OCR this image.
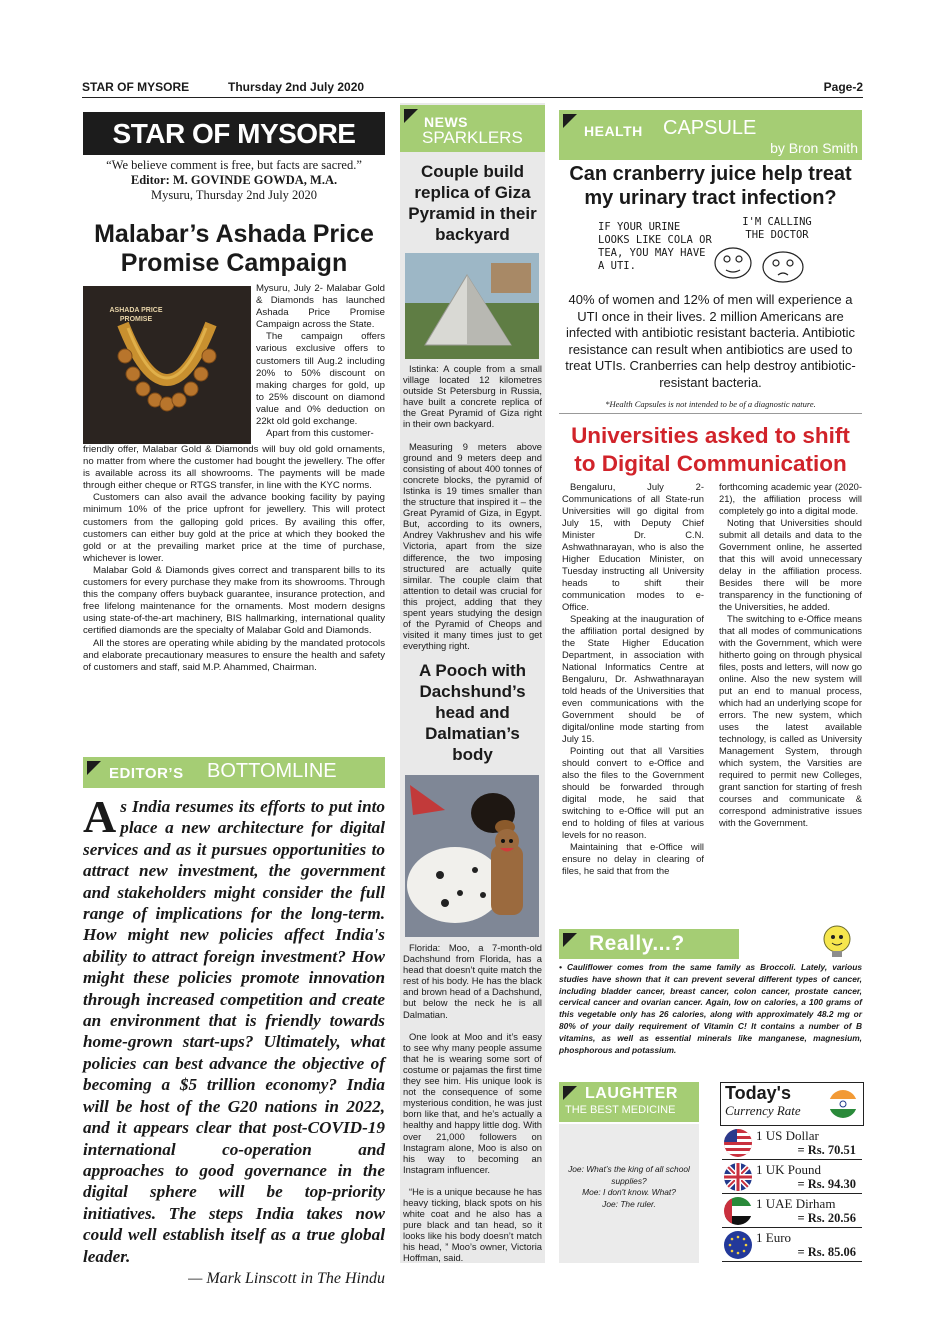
STAR OF MYSORE	Thursday 2nd July 2020	Page-2
STAR OF MYSORE
“We believe comment is free, but facts are sacred.”
Editor: M. GOVINDE GOWDA, M.A.
Mysuru, Thursday 2nd July 2020
Malabar’s Ashada Price Promise Campaign
ASHADA PRICE PROMISE

Mysuru, July 2- Malabar Gold & Diamonds has launched Ashada Price Promise Campaign across the State.

The campaign offers various exclusive offers to customers till Aug.2 including 20% to 50% discount on making charges for gold, up to 25% discount on diamond value and 0% deduction on 22kt old gold exchange.

Apart from this customer-

friendly offer, Malabar Gold & Diamonds will buy old gold ornaments, no matter from where the customer had bought the jewellery. The offer is available across its all showrooms. The payments will be made through either cheque or RTGS transfer, in line with the KYC norms.

Customers can also avail the advance booking facility by paying minimum 10% of the price upfront for jewellery. This will protect customers from the galloping gold prices. By availing this offer, customers can either buy gold at the price at which they booked the gold or at the prevailing market price at the time of purchase, whichever is lower.

Malabar Gold & Diamonds gives correct and transparent bills to its customers for every purchase they make from its showrooms. Through this the company offers buyback guarantee, insurance protection, and free lifelong maintenance for the ornaments. Most modern designs using state-of-the-art machinery, BIS hallmarking, international quality certified diamonds are the specialty of Malabar Gold and Diamonds.

All the stores are operating while abiding by the mandated protocols and elaborate precautionary measures to ensure the health and safety of customers and staff, said M.P. Ahammed, Chairman.

EDITOR’S BOTTOMLINE
As India resumes its efforts to put into place a new architecture for digital services and as it pursues opportunities to attract new investment, the government and stakeholders might consider the full range of implications for the long-term. How might new policies affect India's ability to attract foreign investment? How might these policies promote innovation through increased competition and create an environment that is friendly towards home-grown start-ups? Ultimately, what policies can best advance the objective of becoming a $5 trillion economy? India will be host of the G20 nations in 2022, and it appears clear that post-COVID-19 international co-operation and approaches to good governance in the digital sphere will be top-priority initiatives. The steps India takes now could well establish itself as a true global leader.
— Mark Linscott in The Hindu
NEWS
SPARKLERS
Couple build replica of Giza Pyramid in their backyard

Istinka: A couple from a small village located 12 kilometres outside St Petersburg in Russia, have built a concrete replica of the Great Pyramid of Giza right in their own backyard.

Measuring 9 meters above ground and 9 meters deep and consisting of about 400 tonnes of concrete blocks, the pyramid of Istinka is 19 times smaller than the structure that inspired it – the Great Pyramid of Giza, in Egypt. But, according to its owners, Andrey Vakhrushev and his wife Victoria, apart from the size difference, the two imposing structured are actually quite similar. The couple claim that attention to detail was crucial for this project, adding that they spent years studying the design of the Pyramid of Cheops and visited it many times just to get everything right.

A Pooch with Dachshund’s head and Dalmatian’s body

Florida: Moo, a 7-month-old Dachshund from Florida, has a head that doesn’t quite match the rest of his body. He has the black and brown head of a Dachshund, but below the neck he is all Dalmatian.

One look at Moo and it’s easy to see why many people assume that he is wearing some sort of costume or pajamas the first time they see him. His unique look is not the consequence of some mysterious condition, he was just born like that, and he’s actually a healthy and happy little dog. With over 21,000 followers on Instagram alone, Moo is also on his way to becoming an Instagram influencer.

“He is a unique because he has heavy ticking, black spots on his white coat and he also has a pure black and tan head, so it looks like his body doesn’t match his head, ” Moo’s owner, Victoria Hoffman, said.

HEALTH CAPSULE
by Bron Smith
Can cranberry juice help treat my urinary tract infection?
IF YOUR URINE LOOKS LIKE COLA OR TEA, YOU MAY HAVE A UTI.
I'M CALLING THE DOCTOR
40% of women and 12% of men will experience a UTI once in their lives. 2 million Americans are infected with antibiotic resistant bacteria. Antibiotic resistance can result when antibiotics are used to treat UTIs. Cranberries can help destroy antibiotic-resistant bacteria.
*Health Capsules is not intended to be of a diagnostic nature.
Universities asked to shift to Digital Communication

Bengaluru, July 2- Communications of all State-run Universities will go digital from July 15, with Deputy Chief Minister Dr. C.N. Ashwathnarayan, who is also the Higher Education Minister, on Tuesday instructing all University heads to shift their communication modes to e-Office.

Speaking at the inauguration of the affiliation portal designed by the State Higher Education Department, in association with National Informatics Centre at Bengaluru, Dr. Ashwathnarayan told heads of the Universities that even communications with the Government should be of digital/online mode starting from July 15.

Pointing out that all Varsities should convert to e-Office and also the files to the Government should be forwarded through digital mode, he said that switching to e-Office will put an end to holding of files at various levels for no reason.

Maintaining that e-Office will ensure no delay in clearing of files, he said that from the

forthcoming academic year (2020-21), the affiliation process will completely go into a digital mode.

Noting that Universities should submit all details and data to the Government online, he asserted that this will avoid unnecessary delay in the affiliation process. Besides there will be more transparency in the functioning of the Universities, he added.

The switching to e-Office means that all modes of communications with the Government, which were hitherto going on through physical files, posts and letters, will now go online. Also the new system will put an end to manual process, which had an underlying scope for errors. The new system, which uses the latest available technology, is called as University Management System, through which system, the Varsities are required to permit new Colleges, grant sanction for starting of fresh courses and communicate & correspond administrative issues with the Government.

Really...?

• Cauliflower comes from the same family as Broccoli. Lately, various studies have shown that it can prevent several different types of cancer, including bladder cancer, breast cancer, colon cancer, prostate cancer, cervical cancer and ovarian cancer. Again, low on calories, a 100 grams of this vegetable only has 26 calories, along with approximately 48.2 mg or 80% of your daily requirement of Vitamin C! It contains a number of B vitamins, as well as essential minerals like manganese, magnesium, phosphorous and potassium.

LAUGHTER
THE BEST MEDICINE
Joe: What’s the king of all school supplies?
Moe: I don't know. What?
Joe: The ruler.
Today's
Currency Rate
1 US Dollar
= Rs. 70.51
1 UK Pound
= Rs. 94.30
1 UAE Dirham
= Rs. 20.56
1 Euro
= Rs. 85.06
